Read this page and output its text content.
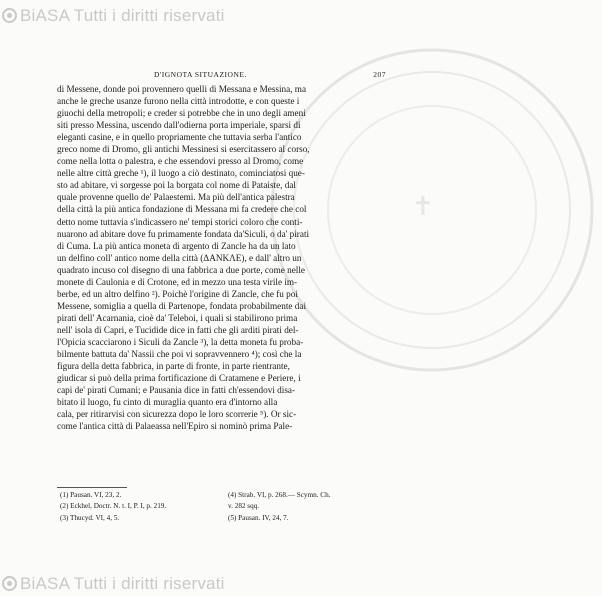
BiASA Tutti i diritti riservati
✝
D'IGNOTA SITUAZIONE.	207
di Messene, donde poi provennero quelli di Messana e Messina, ma
anche le greche usanze furono nella città introdotte, e con queste i
giuochi della metropoli; e creder si potrebbe che in uno degli ameni
siti presso Messina, uscendo dall'odierna porta imperiale, sparsi di
eleganti casine, e in quello propriamente che tuttavia serba l'antico
greco nome di Dromo, gli antichi Messinesi si esercitassero al corso,
come nella lotta o palestra, e che essendovi presso al Dromo, come
nelle altre città greche ¹), il luogo a ciò destinato, cominciatosi que-
sto ad abitare, vi sorgesse poi la borgata col nome di Pataiste, dal
quale provenne quello de' Palaestemi. Ma più dell'antica palestra
della città la più antica fondazione di Messana mi fa credere che col
detto nome tuttavia s'indicassero ne' tempi storici coloro che conti-
nuarono ad abitare dove fu primamente fondata da'Siculi, o da' pirati
di Cuma. La più antica moneta di argento di Zancle ha da un lato
un delfino coll' antico nome della città (ΔΑΝΚΛΕ), e dall' altro un
quadrato incuso col disegno di una fabbrica a due porte, come nelle
monete di Caulonia e di Crotone, ed in mezzo una testa virile im-
berbe, ed un altro delfino ²). Poichè l'origine di Zancle, che fu poi
Messene, somiglia a quella di Partenope, fondata probabilmente dai
pirati dell' Acarnania, cioè da' Teleboi, i quali si stabilirono prima
nell' isola di Capri, e Tucidide dice in fatti che gli arditi pirati del-
l'Opicia scacciarono i Siculi da Zancle ³), la detta moneta fu proba-
bilmente battuta da' Nassii che poi vi sopravvennero ⁴); così che la
figura della detta fabbrica, in parte di fronte, in parte rientrante,
giudicar si può della prima fortificazione di Cratamene e Periere, i
capi de' pirati Cumani; e Pausania dice in fatti ch'essendovi disa-
bitato il luogo, fu cinto di muraglia quanto era d'intorno alla
cala, per ritirarvisi con sicurezza dopo le loro scorrerie ⁵). Or sic-
come l'antica città di Palaeassa nell'Epiro si nominò prima Pale-
(1) Pausan. VI, 23, 2.
(2) Eckhel, Doctr. N. t. I, P. I, p. 219.
(3) Thucyd. VI, 4, 5.
(4) Strab. VI, p. 268.— Scymn. Ch.
v. 282 sqq.
(5) Pausan. IV, 24, 7.
BiASA Tutti i diritti riservati
